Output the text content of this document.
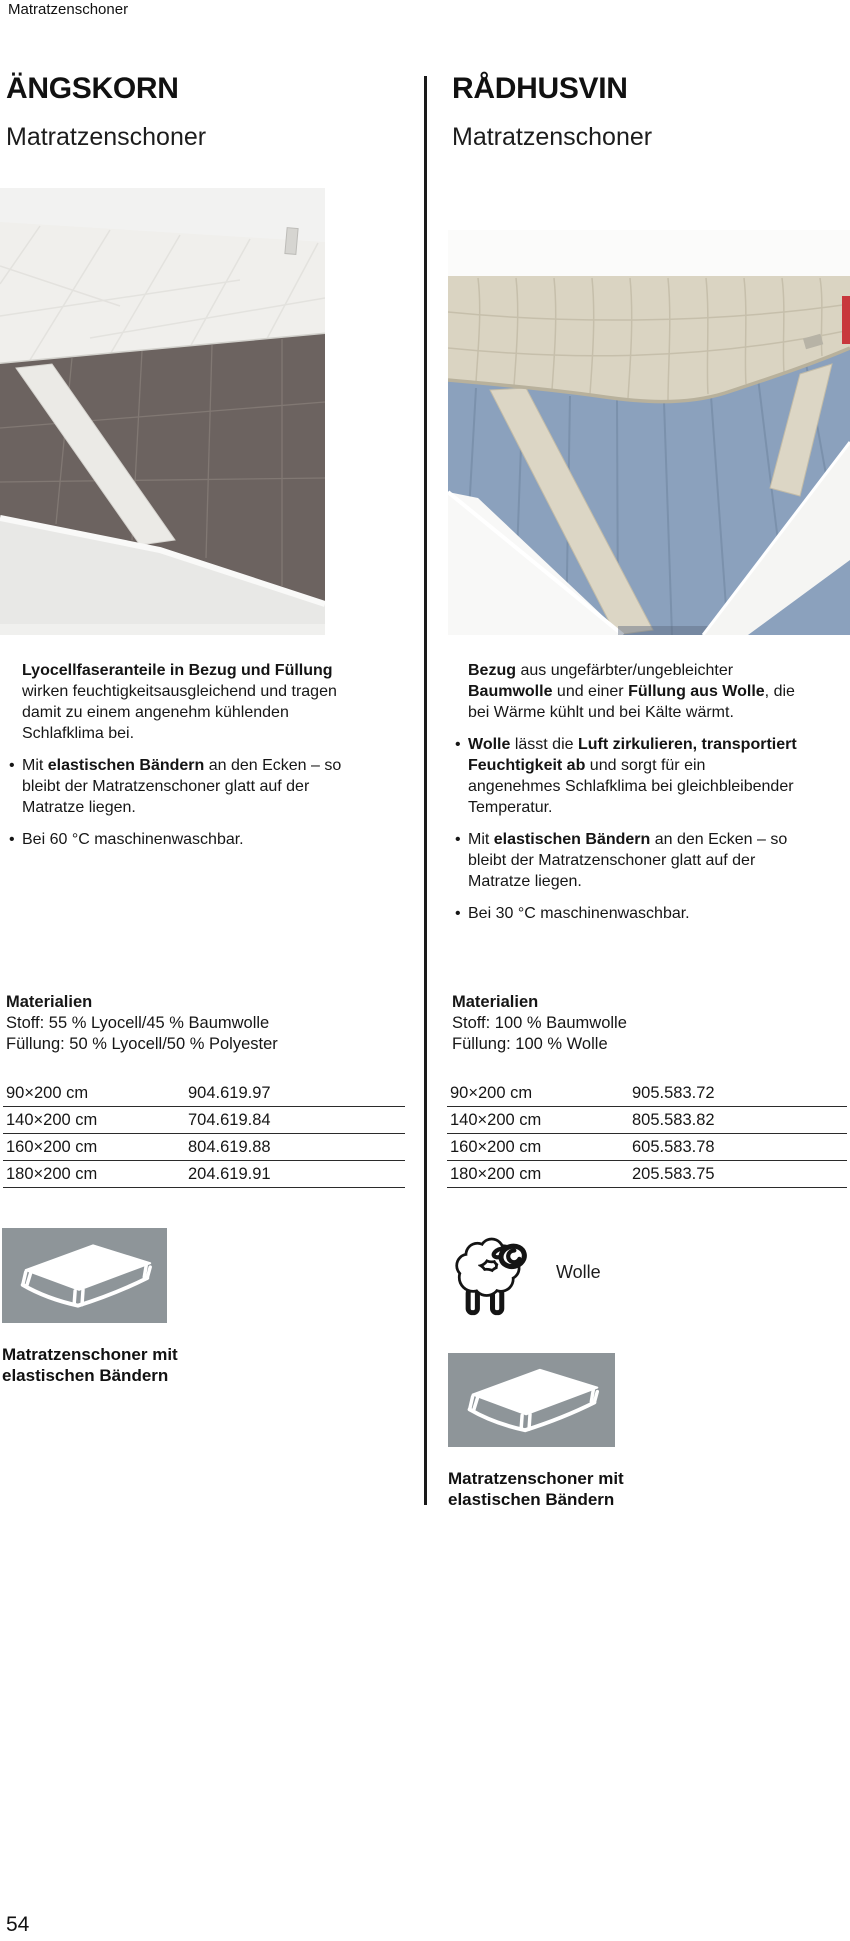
Matratzenschoner
ÄNGSKORN

Matratzenschoner

RÅDHUSVIN

Matratzenschoner

Lyocellfaseranteile in Bezug und Füllung wirken feuchtigkeitsausgleichend und tragen damit zu einem angenehm kühlenden Schlafklima bei.
• Mit elastischen Bändern an den Ecken – so bleibt der Matratzenschoner glatt auf der Matratze liegen.
• Bei 60 °C maschinenwaschbar.
Bezug aus ungefärbter/ungebleichter Baumwolle und einer Füllung aus Wolle, die bei Wärme kühlt und bei Kälte wärmt.
• Wolle lässt die Luft zirkulieren, transportiert Feuchtigkeit ab und sorgt für ein angenehmes Schlafklima bei gleichbleibender Temperatur.
• Mit elastischen Bändern an den Ecken – so bleibt der Matratzenschoner glatt auf der Matratze liegen.
• Bei 30 °C maschinenwaschbar.

Materialien

Stoff: 55 % Lyocell/45 % Baumwolle

Füllung: 50 % Lyocell/50 % Polyester

Materialien

Stoff: 100 % Baumwolle

Füllung: 100 % Wolle

90×200 cm	904.619.97
140×200 cm	704.619.84
160×200 cm	804.619.88
180×200 cm	204.619.91
90×200 cm	905.583.72
140×200 cm	805.583.82
160×200 cm	605.583.78
180×200 cm	205.583.75
Matratzenschoner mit elastischen Bändern
Wolle
Matratzenschoner mit elastischen Bändern
54
